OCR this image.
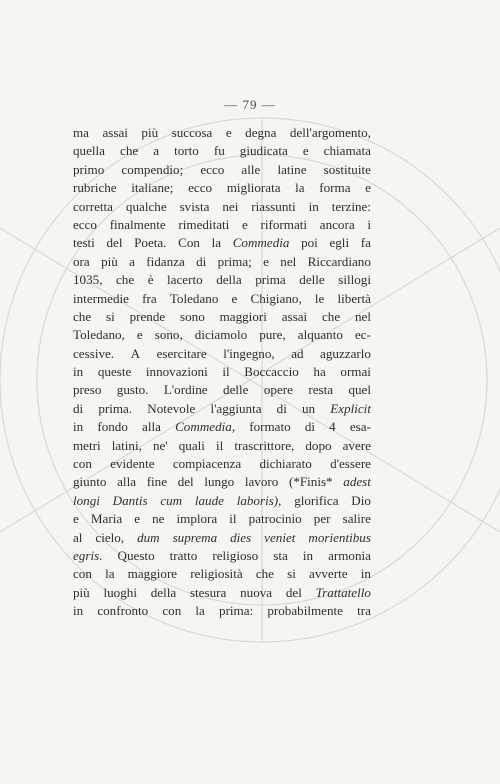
— 79 —
ma assai più succosa e degna dell'argomento,
quella che a torto fu giudicata e chiamata
primo compendio; ecco alle latine sostituite
rubriche italiane; ecco migliorata la forma e
corretta qualche svista nei riassunti in terzine:
ecco finalmente rimeditati e riformati ancora i
testi del Poeta. Con la Commedia poi egli fa
ora più a fidanza di prima; e nel Riccardiano
1035, che è lacerto della prima delle sillogi
intermedie fra Toledano e Chigiano, le libertà
che si prende sono maggiori assai che nel
Toledano, e sono, diciamolo pure, alquanto ec-
cessive. A esercitare l'ingegno, ad aguzzarlo
in queste innovazioni il Boccaccio ha ormai
preso gusto. L'ordine delle opere resta quel
di prima. Notevole l'aggiunta di un Explicit
in fondo alla Commedia, formato di 4 esa-
metri latini, ne' quali il trascrittore, dopo avere
con evidente compiacenza dichiarato d'essere
giunto alla fine del lungo lavoro (*Finis* adest
longi Dantis cum laude laboris), glorifica Dio
e Maria e ne implora il patrocinio per salire
al cielo, dum suprema dies veniet morientibus
egris. Questo tratto religioso sta in armonia
con la maggiore religiosità che si avverte in
più luoghi della stesura nuova del Trattatello
in confronto con la prima: probabilmente tra
